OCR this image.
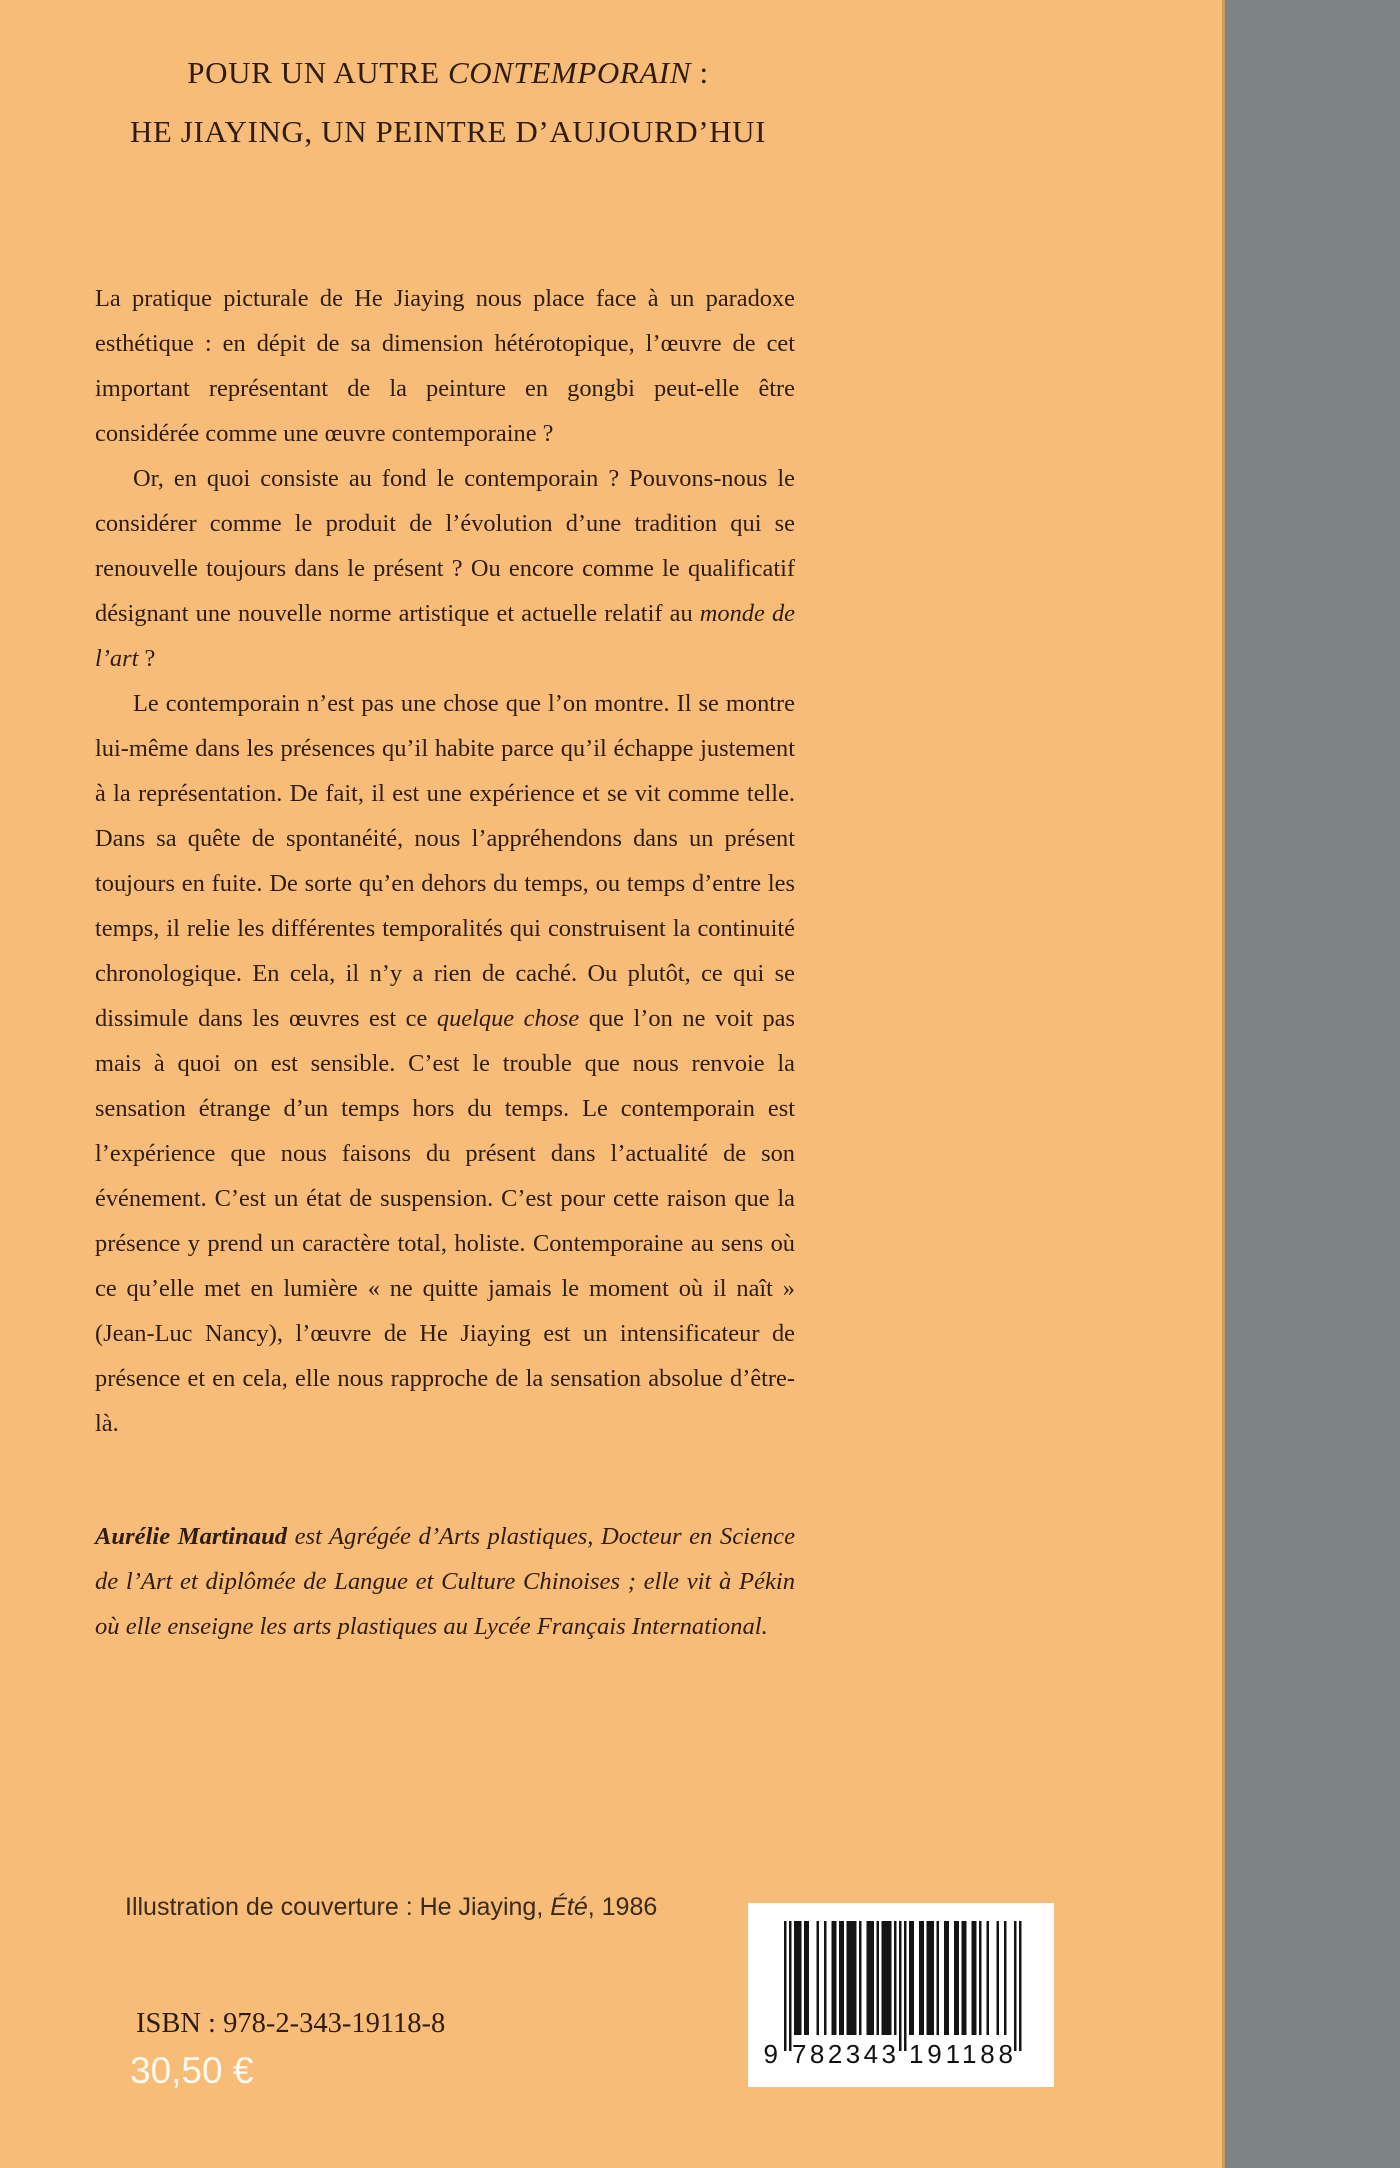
POUR UN AUTRE CONTEMPORAIN :
HE JIAYING, UN PEINTRE D’AUJOURD’HUI

La pratique picturale de He Jiaying nous place face à un paradoxe esthétique : en dépit de sa dimension hétérotopique, l’œuvre de cet important représentant de la peinture en gongbi peut-elle être considérée comme une œuvre contemporaine ?

Or, en quoi consiste au fond le contemporain ? Pouvons-nous le considérer comme le produit de l’évolution d’une tradition qui se renouvelle toujours dans le présent ? Ou encore comme le qualificatif désignant une nouvelle norme artistique et actuelle relatif au monde de l’art ?

Le contemporain n’est pas une chose que l’on montre. Il se montre lui-même dans les présences qu’il habite parce qu’il échappe justement à la représentation. De fait, il est une expérience et se vit comme telle. Dans sa quête de spontanéité, nous l’appréhendons dans un présent toujours en fuite. De sorte qu’en dehors du temps, ou temps d’entre les temps, il relie les différentes temporalités qui construisent la continuité chronologique. En cela, il n’y a rien de caché. Ou plutôt, ce qui se dissimule dans les œuvres est ce quelque chose que l’on ne voit pas mais à quoi on est sensible. C’est le trouble que nous renvoie la sensation étrange d’un temps hors du temps. Le contemporain est l’expérience que nous faisons du présent dans l’actualité de son événement. C’est un état de suspension. C’est pour cette raison que la présence y prend un caractère total, holiste. Contemporaine au sens où ce qu’elle met en lumière « ne quitte jamais le moment où il naît » (Jean-Luc Nancy), l’œuvre de He Jiaying est un intensificateur de présence et en cela, elle nous rapproche de la sensation absolue d’être-là.

Aurélie Martinaud est Agrégée d’Arts plastiques, Docteur en Science de l’Art et diplômée de Langue et Culture Chinoises ; elle vit à Pékin où elle enseigne les arts plastiques au Lycée Français International.
Illustration de couverture : He Jiaying, Été, 1986
ISBN : 978-2-343-19118-8
30,50 €	9 782343 191188
